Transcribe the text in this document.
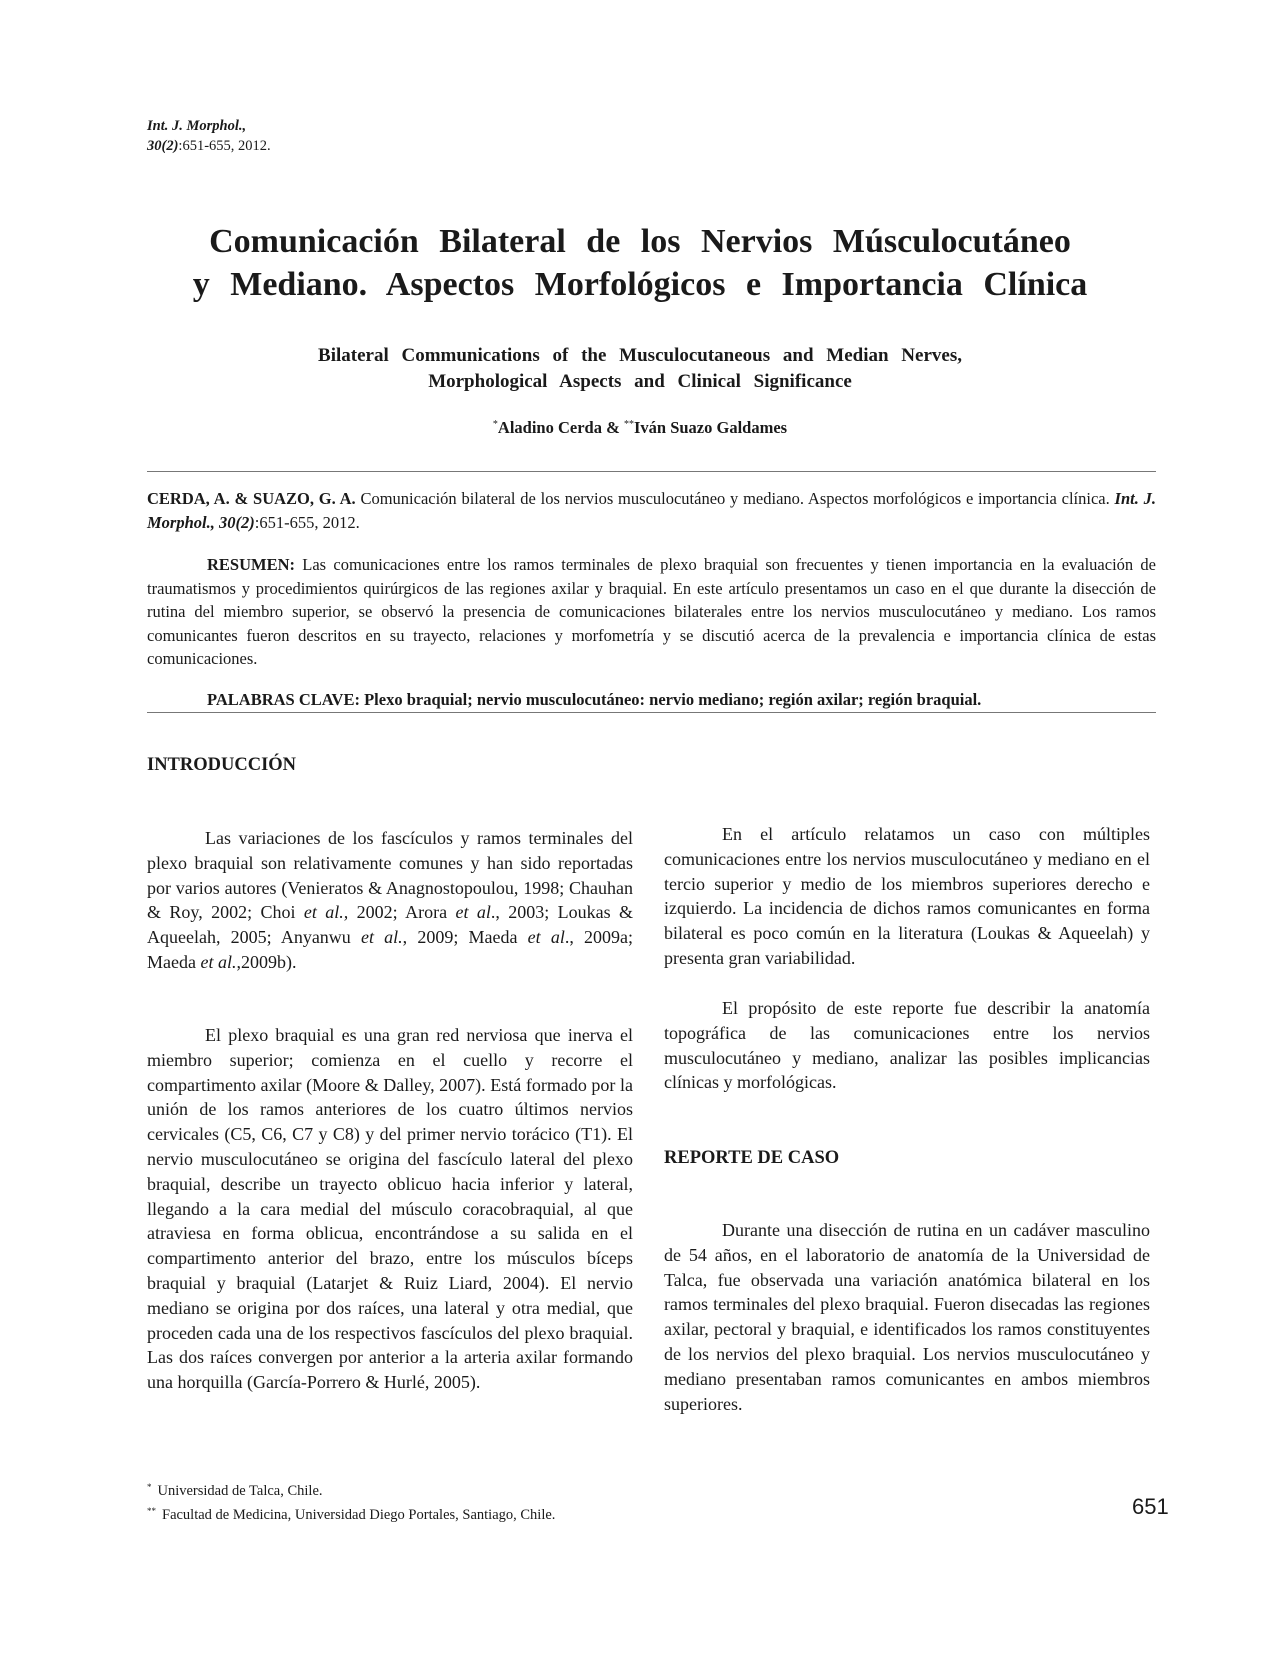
Int. J. Morphol.,
30(2):651-655, 2012.
Comunicación Bilateral de los Nervios Músculocutáneo
y Mediano. Aspectos Morfológicos e Importancia Clínica
Bilateral Communications of the Musculocutaneous and Median Nerves,
Morphological Aspects and Clinical Significance
*Aladino Cerda & **Iván Suazo Galdames
CERDA, A. & SUAZO, G. A. Comunicación bilateral de los nervios musculocutáneo y mediano. Aspectos morfológicos e importancia clínica. Int. J. Morphol., 30(2):651-655, 2012.
RESUMEN: Las comunicaciones entre los ramos terminales de plexo braquial son frecuentes y tienen importancia en la evaluación de traumatismos y procedimientos quirúrgicos de las regiones axilar y braquial. En este artículo presentamos un caso en el que durante la disección de rutina del miembro superior, se observó la presencia de comunicaciones bilaterales entre los nervios musculocutáneo y mediano. Los ramos comunicantes fueron descritos en su trayecto, relaciones y morfometría y se discutió acerca de la prevalencia e importancia clínica de estas comunicaciones.
PALABRAS CLAVE: Plexo braquial; nervio musculocutáneo: nervio mediano; región axilar; región braquial.
INTRODUCCIÓN

Las variaciones de los fascículos y ramos terminales del plexo braquial son relativamente comunes y han sido reportadas por varios autores (Venieratos & Anagnostopoulou, 1998; Chauhan & Roy, 2002; Choi et al., 2002; Arora et al., 2003; Loukas & Aqueelah, 2005; Anyanwu et al., 2009; Maeda et al., 2009a; Maeda et al.,2009b).

El plexo braquial es una gran red nerviosa que inerva el miembro superior; comienza en el cuello y recorre el compartimento axilar (Moore & Dalley, 2007). Está formado por la unión de los ramos anteriores de los cuatro últimos nervios cervicales (C5, C6, C7 y C8) y del primer nervio torácico (T1). El nervio musculocutáneo se origina del fascículo lateral del plexo braquial, describe un trayecto oblicuo hacia inferior y lateral, llegando a la cara medial del músculo coracobraquial, al que atraviesa en forma oblicua, encontrándose a su salida en el compartimento anterior del brazo, entre los músculos bíceps braquial y braquial (Latarjet & Ruiz Liard, 2004). El nervio mediano se origina por dos raíces, una lateral y otra medial, que proceden cada una de los respectivos fascículos del plexo braquial. Las dos raíces convergen por anterior a la arteria axilar formando una horquilla (García-Porrero & Hurlé, 2005).

En el artículo relatamos un caso con múltiples comunicaciones entre los nervios musculocutáneo y mediano en el tercio superior y medio de los miembros superiores derecho e izquierdo. La incidencia de dichos ramos comunicantes en forma bilateral es poco común en la literatura (Loukas & Aqueelah) y presenta gran variabilidad.

El propósito de este reporte fue describir la anatomía topográfica de las comunicaciones entre los nervios musculocutáneo y mediano, analizar las posibles implicancias clínicas y morfológicas.

REPORTE DE CASO

Durante una disección de rutina en un cadáver masculino de 54 años, en el laboratorio de anatomía de la Universidad de Talca, fue observada una variación anatómica bilateral en los ramos terminales del plexo braquial. Fueron disecadas las regiones axilar, pectoral y braquial, e identificados los ramos constituyentes de los nervios del plexo braquial. Los nervios musculocutáneo y mediano presentaban ramos comunicantes en ambos miembros superiores.

* Universidad de Talca, Chile.
** Facultad de Medicina, Universidad Diego Portales, Santiago, Chile.	651
